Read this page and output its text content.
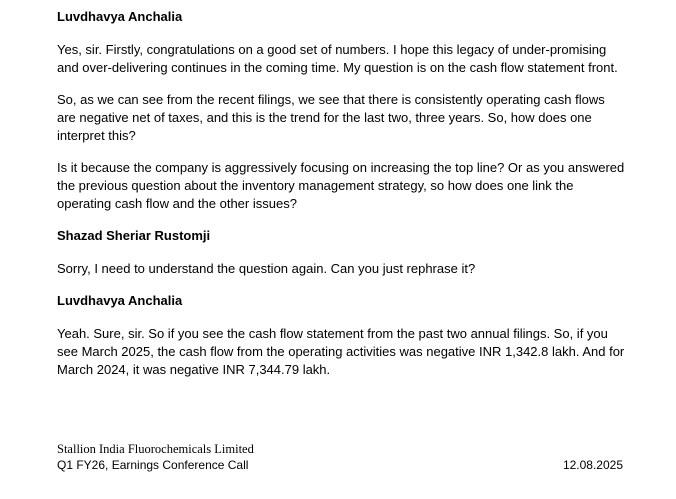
Luvdhavya Anchalia

Yes, sir. Firstly, congratulations on a good set of numbers. I hope this legacy of under-promising and over-delivering continues in the coming time. My question is on the cash flow statement front.

So, as we can see from the recent filings, we see that there is consistently operating cash flows are negative net of taxes, and this is the trend for the last two, three years. So, how does one interpret this?

Is it because the company is aggressively focusing on increasing the top line? Or as you answered the previous question about the inventory management strategy, so how does one link the operating cash flow and the other issues?

Shazad Sheriar Rustomji

Sorry, I need to understand the question again. Can you just rephrase it?

Luvdhavya Anchalia

Yeah. Sure, sir. So if you see the cash flow statement from the past two annual filings. So, if you see March 2025, the cash flow from the operating activities was negative INR 1,342.8 lakh. And for March 2024, it was negative INR 7,344.79 lakh.

Stallion India Fluorochemicals Limited
Q1 FY26, Earnings Conference Call	12.08.2025
